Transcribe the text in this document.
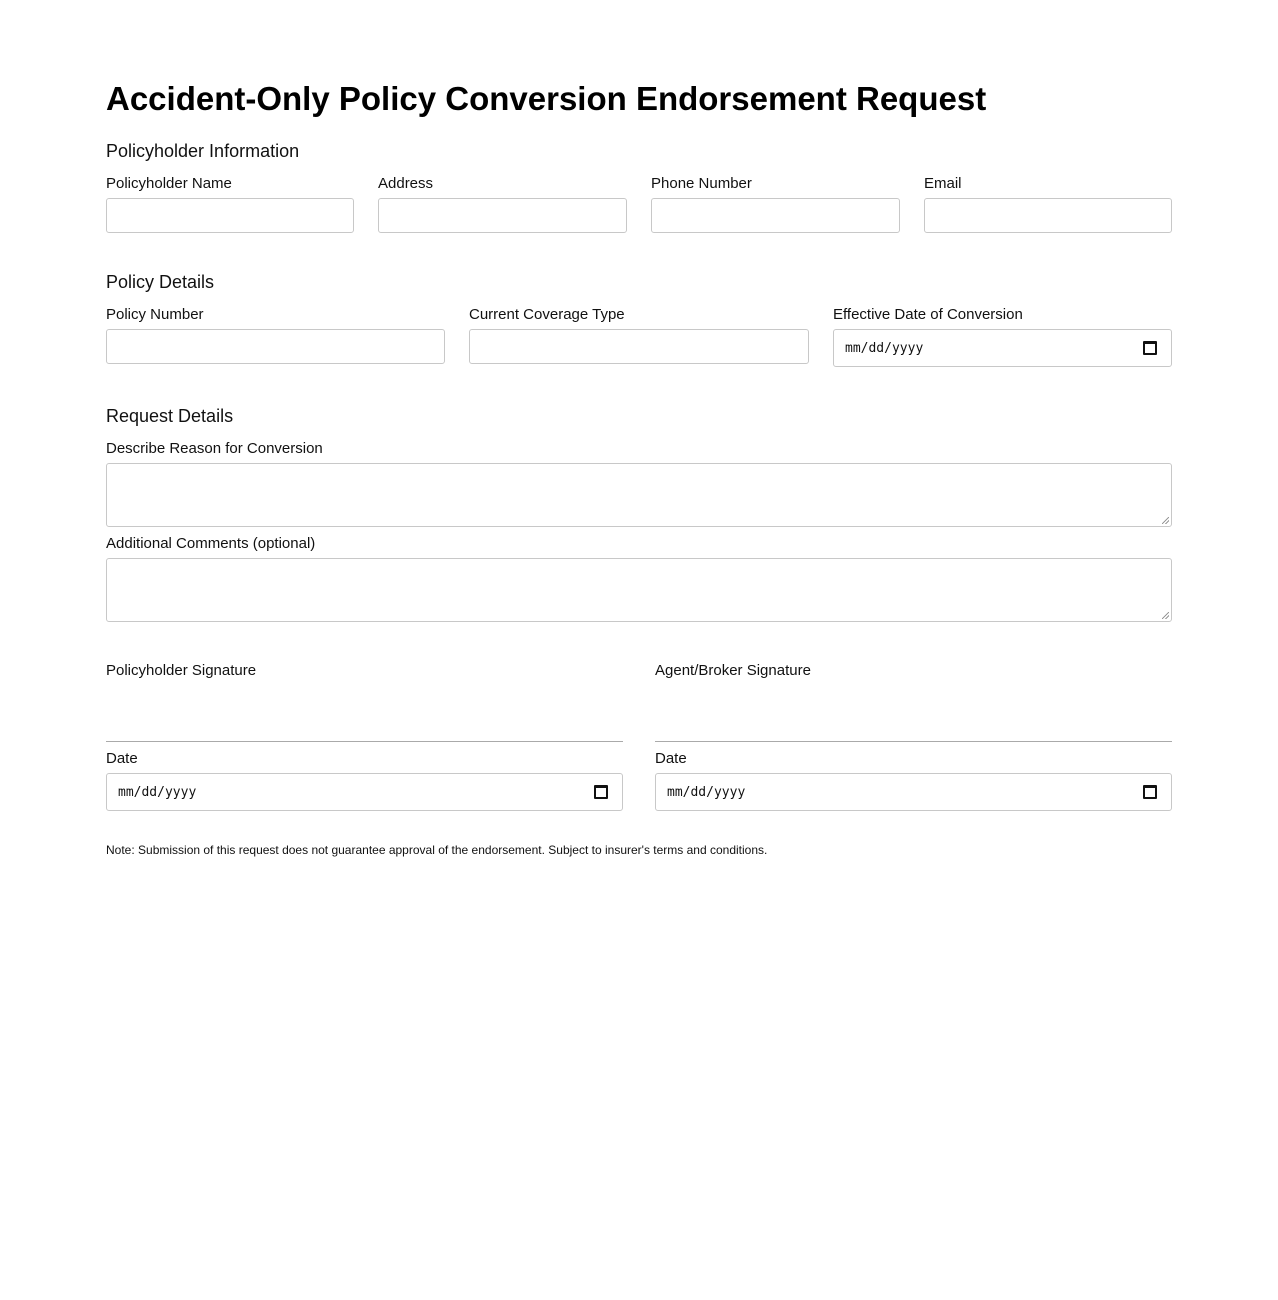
Accident-Only Policy Conversion Endorsement Request
Policyholder Information
Policyholder Name	Address	Phone Number	Email
Policy Details
Policy Number	Current Coverage Type	Effective Date of Conversion
mm/dd/yyyy
Request Details
Describe Reason for Conversion
Additional Comments (optional)
Policyholder Signature	Agent/Broker Signature
Date
mm/dd/yyyy
Date
mm/dd/yyyy
Note: Submission of this request does not guarantee approval of the endorsement. Subject to insurer's terms and conditions.
